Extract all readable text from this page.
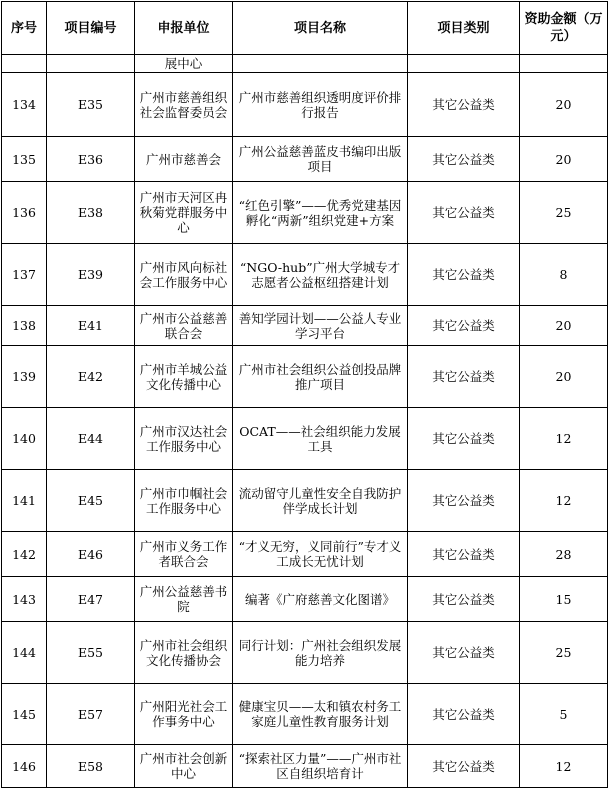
序号	项目编号	申报单位	项目名称	项目类别	资助金额（万元）
		展中心			
134	E35	广州市慈善组织社会监督委员会	广州市慈善组织透明度评价排行报告	其它公益类	20
135	E36	广州市慈善会	广州公益慈善蓝皮书编印出版项目	其它公益类	20
136	E38	广州市天河区冉秋菊党群服务中心	“红色引擎”——优秀党建基因孵化“两新”组织党建+方案	其它公益类	25
137	E39	广州市风向标社会工作服务中心	“NGO-hub”广州大学城专才志愿者公益枢纽搭建计划	其它公益类	8
138	E41	广州市公益慈善联合会	善知学园计划——公益人专业学习平台	其它公益类	20
139	E42	广州市羊城公益文化传播中心	广州市社会组织公益创投品牌推广项目	其它公益类	20
140	E44	广州市汉达社会工作服务中心	OCAT——社会组织能力发展工具	其它公益类	12
141	E45	广州市巾帼社会工作服务中心	流动留守儿童性安全自我防护伴学成长计划	其它公益类	12
142	E46	广州市义务工作者联合会	“才义无穷，义同前行”专才义工成长无忧计划	其它公益类	28
143	E47	广州公益慈善书院	编著《广府慈善文化图谱》	其它公益类	15
144	E55	广州市社会组织文化传播协会	同行计划：广州社会组织发展能力培养	其它公益类	25
145	E57	广州阳光社会工作事务中心	健康宝贝——太和镇农村务工家庭儿童性教育服务计划	其它公益类	5
146	E58	广州市社会创新中心	“探索社区力量”——广州市社区自组织培育计	其它公益类	12
